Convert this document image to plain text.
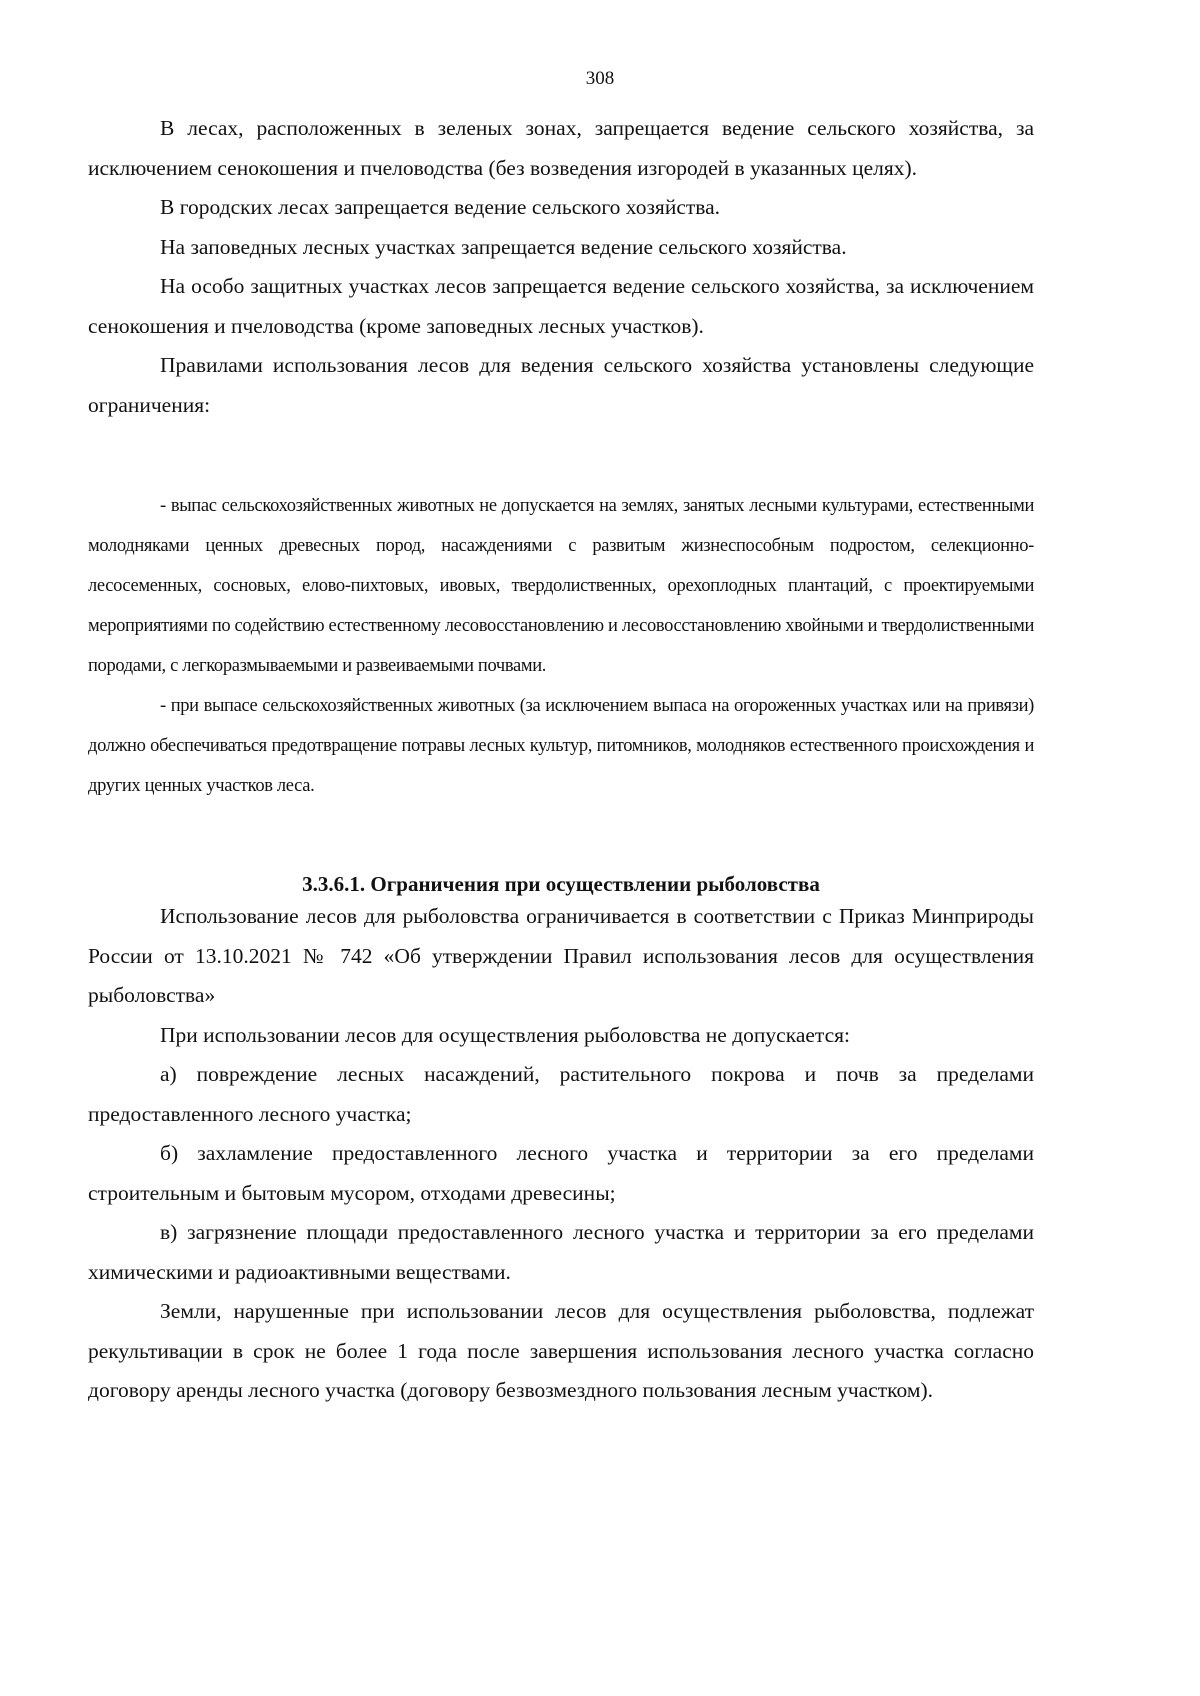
308

В лесах, расположенных в зеленых зонах, запрещается ведение сельского хозяйства, за исключением сенокошения и пчеловодства (без возведения изгородей в указанных целях).

В городских лесах запрещается ведение сельского хозяйства.

На заповедных лесных участках запрещается ведение сельского хозяйства.

На особо защитных участках лесов запрещается ведение сельского хозяйства, за исключением сенокошения и пчеловодства (кроме заповедных лесных участков).

Правилами использования лесов для ведения сельского хозяйства установлены следующие ограничения:

- выпас сельскохозяйственных животных не допускается на землях, занятых лесными культурами, естественными молодняками ценных древесных пород, насаждениями с развитым жизнеспособным подростом, селекционно-лесосеменных, сосновых, елово-пихтовых, ивовых, твердолиственных, орехоплодных плантаций, с проектируемыми мероприятиями по содействию естественному лесовосстановлению и лесовосстановлению хвойными и твердолиственными породами, с легкоразмываемыми и развеиваемыми почвами.

- при выпасе сельскохозяйственных животных (за исключением выпаса на огороженных участках или на привязи) должно обеспечиваться предотвращение потравы лесных культур, питомников, молодняков естественного происхождения и других ценных участков леса.

3.3.6.1. Ограничения при осуществлении рыболовства

Использование лесов для рыболовства ограничивается в соответствии с Приказ Минприроды России от 13.10.2021 № 742 «Об утверждении Правил использования лесов для осуществления рыболовства»

При использовании лесов для осуществления рыболовства не допускается:

а) повреждение лесных насаждений, растительного покрова и почв за пределами предоставленного лесного участка;

б) захламление предоставленного лесного участка и территории за его пределами строительным и бытовым мусором, отходами древесины;

в) загрязнение площади предоставленного лесного участка и территории за его пределами химическими и радиоактивными веществами.

Земли, нарушенные при использовании лесов для осуществления рыболовства, подлежат рекультивации в срок не более 1 года после завершения использования лесного участка согласно договору аренды лесного участка (договору безвозмездного пользования лесным участком).
